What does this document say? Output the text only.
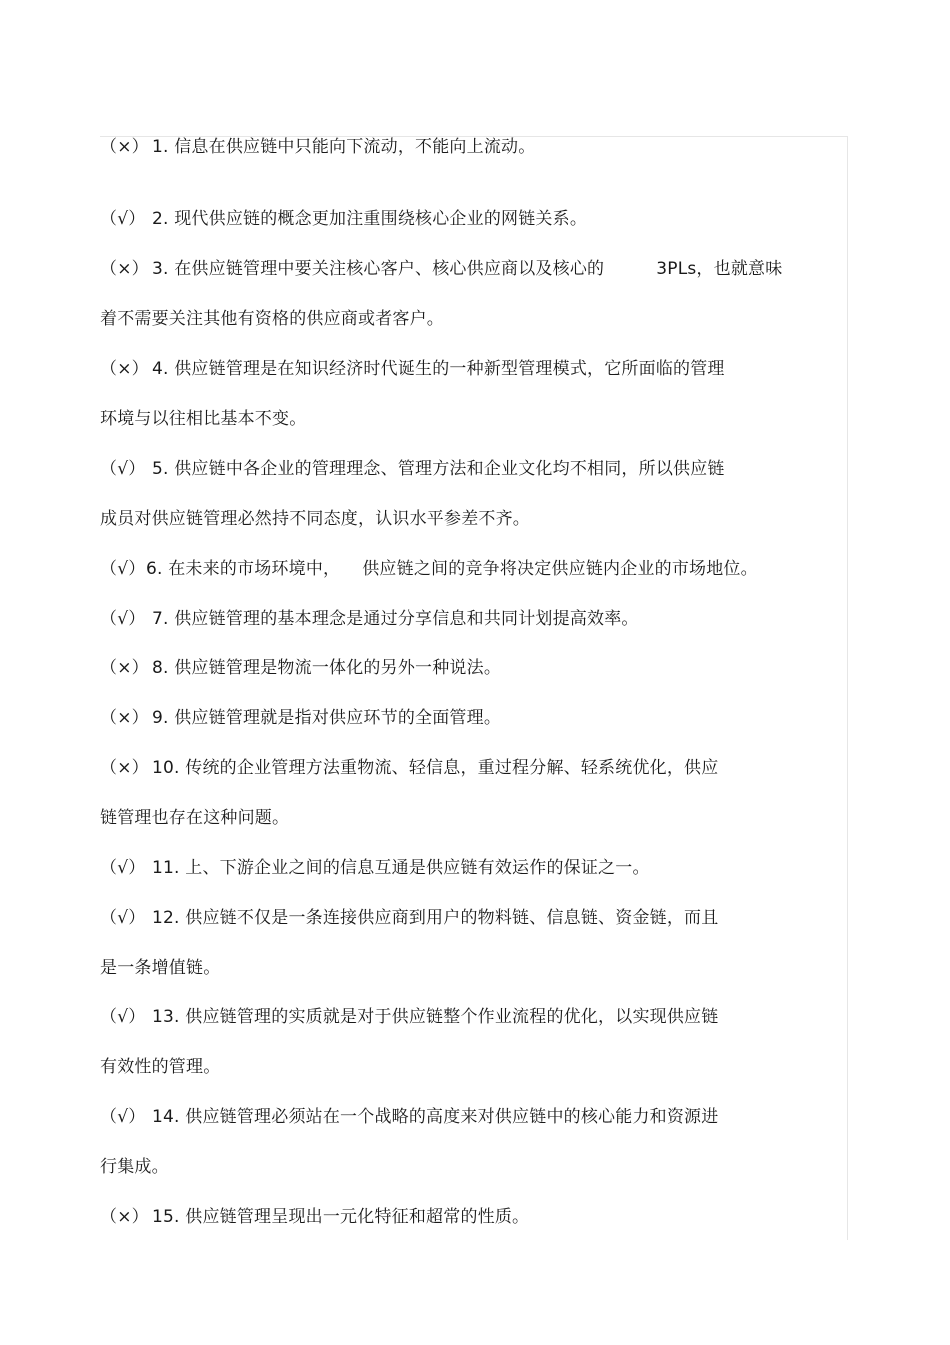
（×） 1. 信息在供应链中只能向下流动，不能向上流动。
（√） 2. 现代供应链的概念更加注重围绕核心企业的网链关系。
（×） 3. 在供应链管理中要关注核心客户、核心供应商以及核心的	3PLs，也就意味
着不需要关注其他有资格的供应商或者客户。
（×） 4. 供应链管理是在知识经济时代诞生的一种新型管理模式，它所面临的管理
环境与以往相比基本不变。
（√） 5. 供应链中各企业的管理理念、管理方法和企业文化均不相同，所以供应链
成员对供应链管理必然持不同态度，认识水平参差不齐。
（√）6. 在未来的市场环境中， 供应链之间的竞争将决定供应链内企业的市场地位。
（√） 7. 供应链管理的基本理念是通过分享信息和共同计划提高效率。
（×） 8. 供应链管理是物流一体化的另外一种说法。
（×） 9. 供应链管理就是指对供应环节的全面管理。
（×） 10. 传统的企业管理方法重物流、轻信息，重过程分解、轻系统优化，供应
链管理也存在这种问题。
（√） 11. 上、下游企业之间的信息互通是供应链有效运作的保证之一。
（√） 12. 供应链不仅是一条连接供应商到用户的物料链、信息链、资金链，而且
是一条增值链。
（√） 13. 供应链管理的实质就是对于供应链整个作业流程的优化，以实现供应链
有效性的管理。
（√） 14. 供应链管理必须站在一个战略的高度来对供应链中的核心能力和资源进
行集成。
（×） 15. 供应链管理呈现出一元化特征和超常的性质。
